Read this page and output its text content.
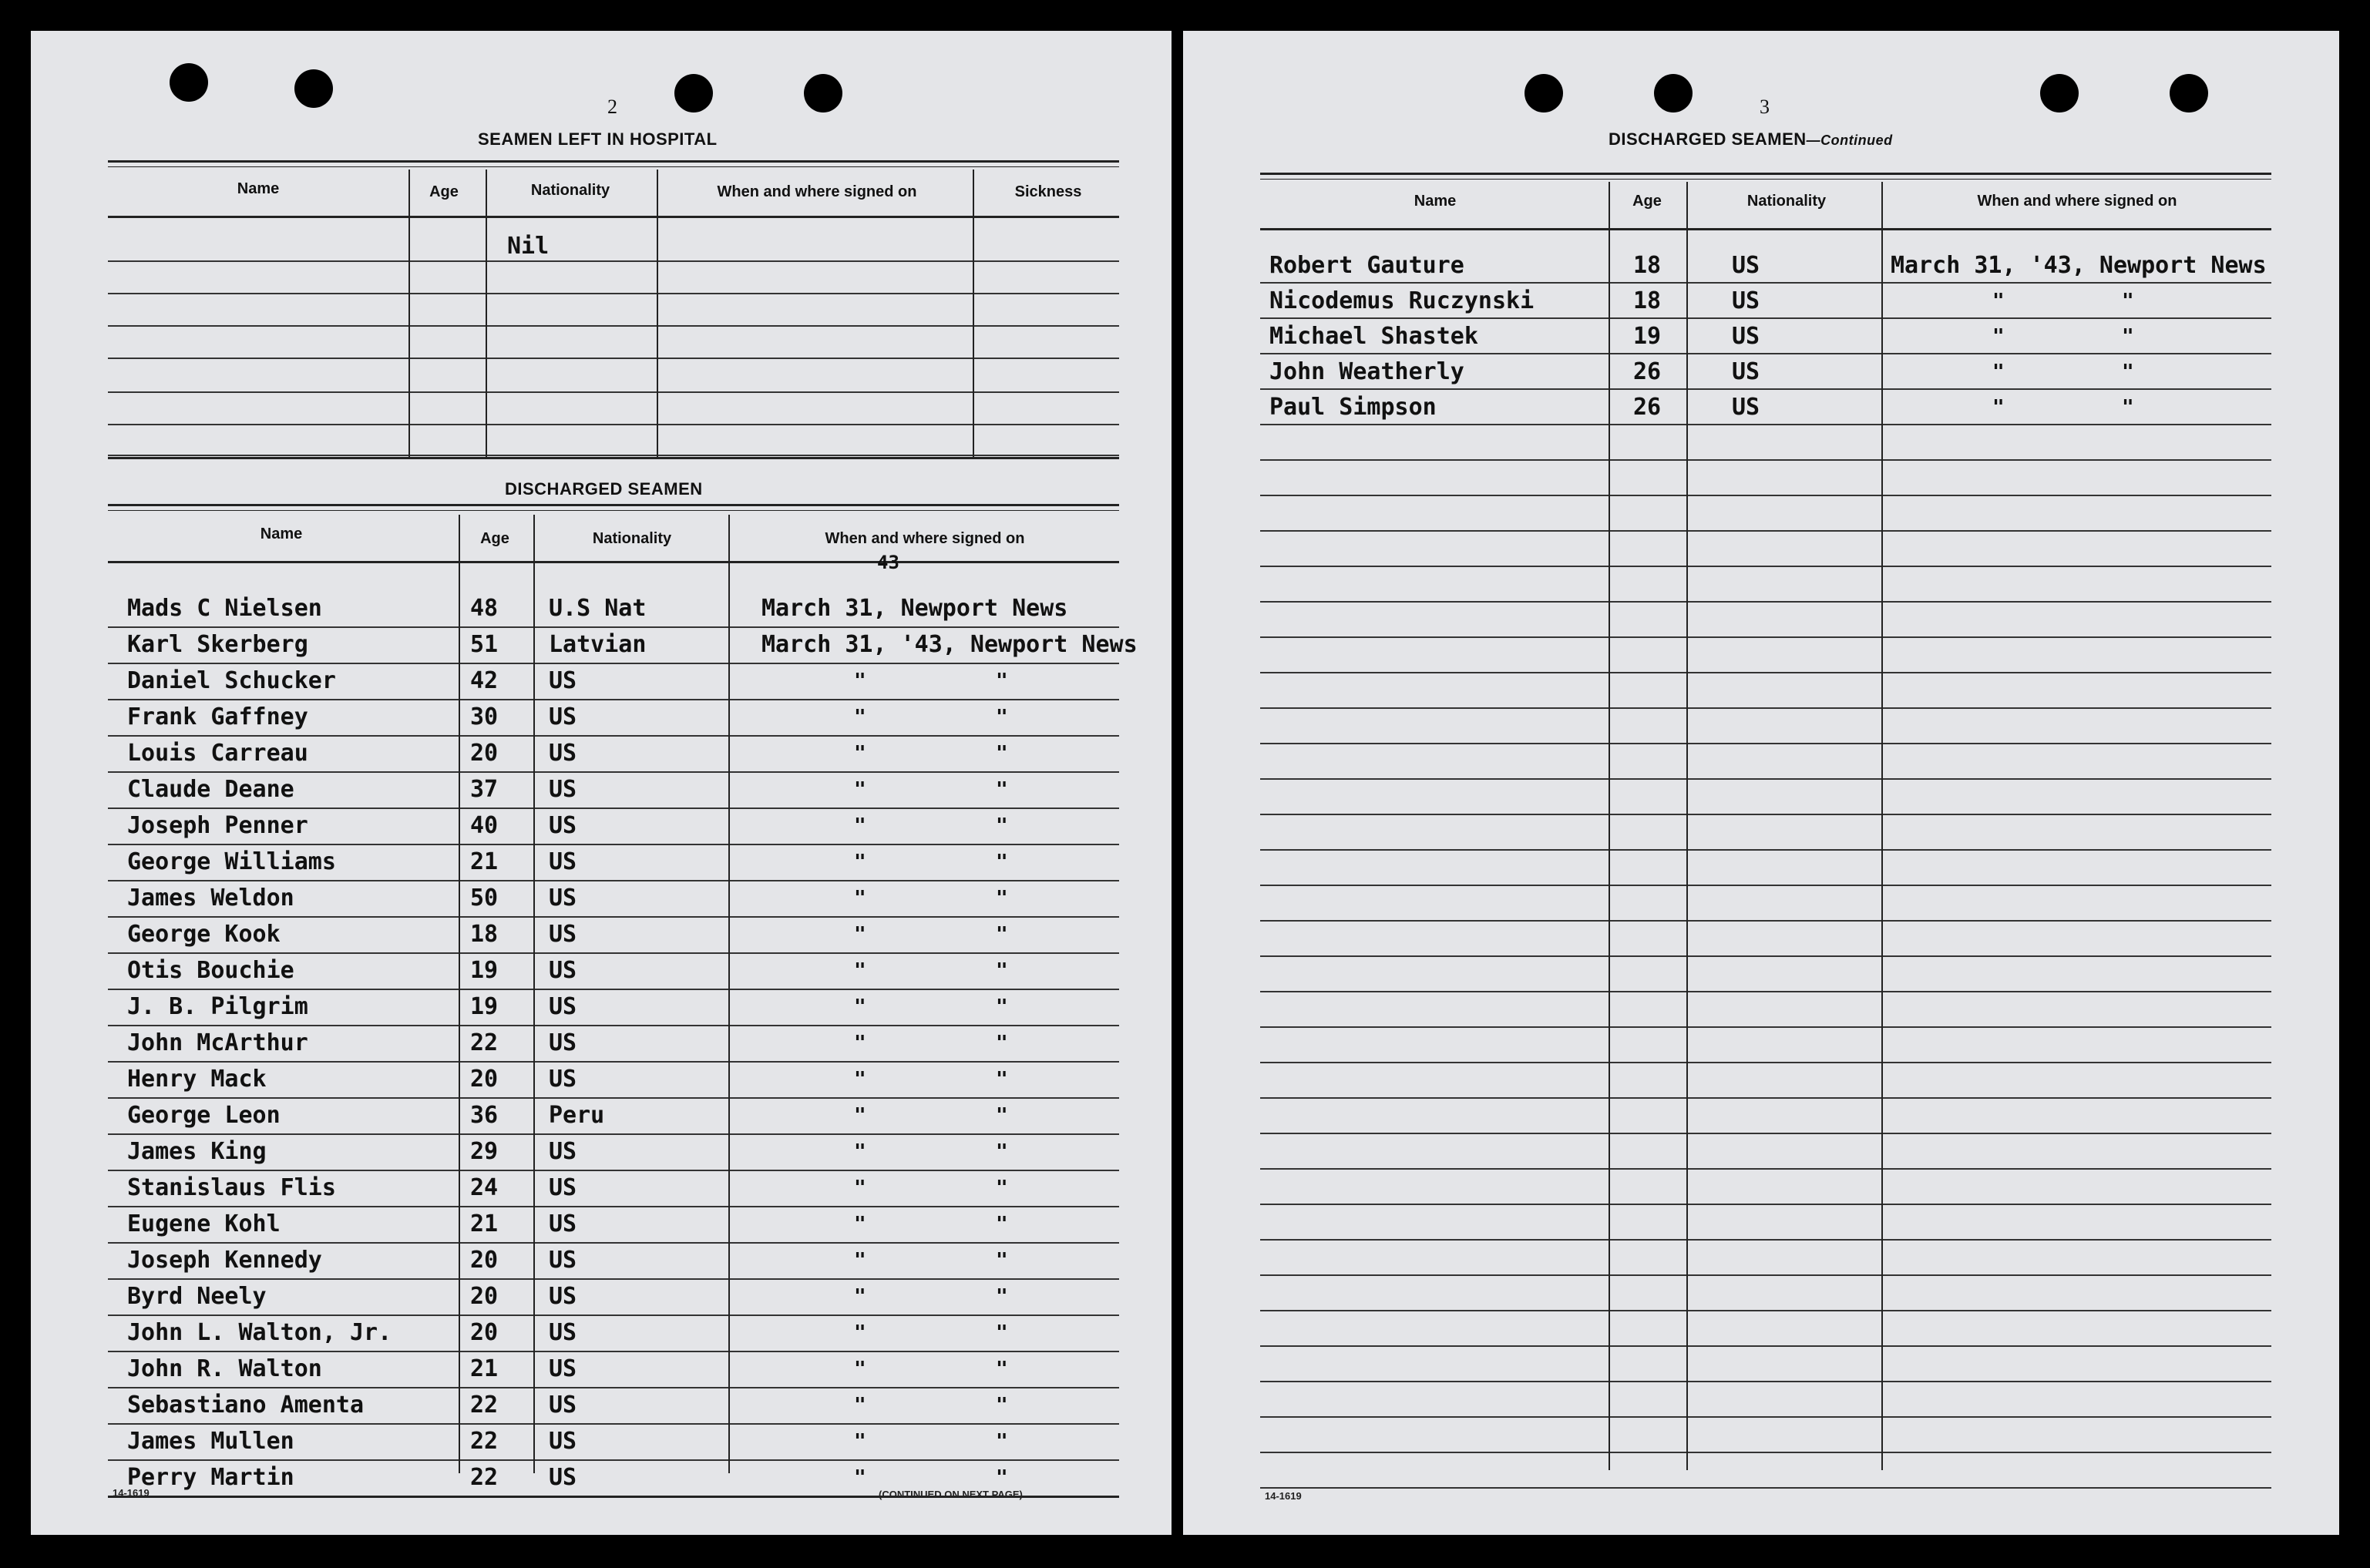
2
SEAMEN LEFT IN HOSPITAL
Name	Age	Nationality	When and where signed on	Sickness
Nil
DISCHARGED SEAMEN
Name	Age	Nationality	When and where signed on
43
Mads C Nielsen	48 U.S Nat	March 31, Newport News
Karl Skerberg	51 Latvian	March 31, '43, Newport News
Daniel Schucker	42 US	"	"
Frank Gaffney	30 US	"	"
Louis Carreau	20 US	"	"
Claude Deane	37 US	"	"
Joseph Penner	40 US	"	"
George Williams	21 US	"	"
James Weldon	50 US	"	"
George Kook	18 US	"	"
Otis Bouchie	19 US	"	"
J. B. Pilgrim	19 US	"	"
John McArthur	22 US	"	"
Henry Mack	20 US	"	"
George Leon	36 Peru	"	"
James King	29 US	"	"
Stanislaus Flis	24 US	"	"
Eugene Kohl	21 US	"	"
Joseph Kennedy	20 US	"	"
Byrd Neely	20 US	"	"
John L. Walton, Jr.	20 US	"	"
John R. Walton	21 US	"	"
Sebastiano Amenta	22 US	"	"
James Mullen	22 US	"	"
Perry Martin	22 US	"	"
14-1619	(CONTINUED ON NEXT PAGE)
3
DISCHARGED SEAMEN—Continued
Name	Age	Nationality	When and where signed on
Robert Gauture	18	US	March 31, '43, Newport News
Nicodemus Ruczynski	18	US	"	"
Michael Shastek	19	US	"	"
John Weatherly	26	US	"	"
Paul Simpson	26	US	"	"
14-1619
